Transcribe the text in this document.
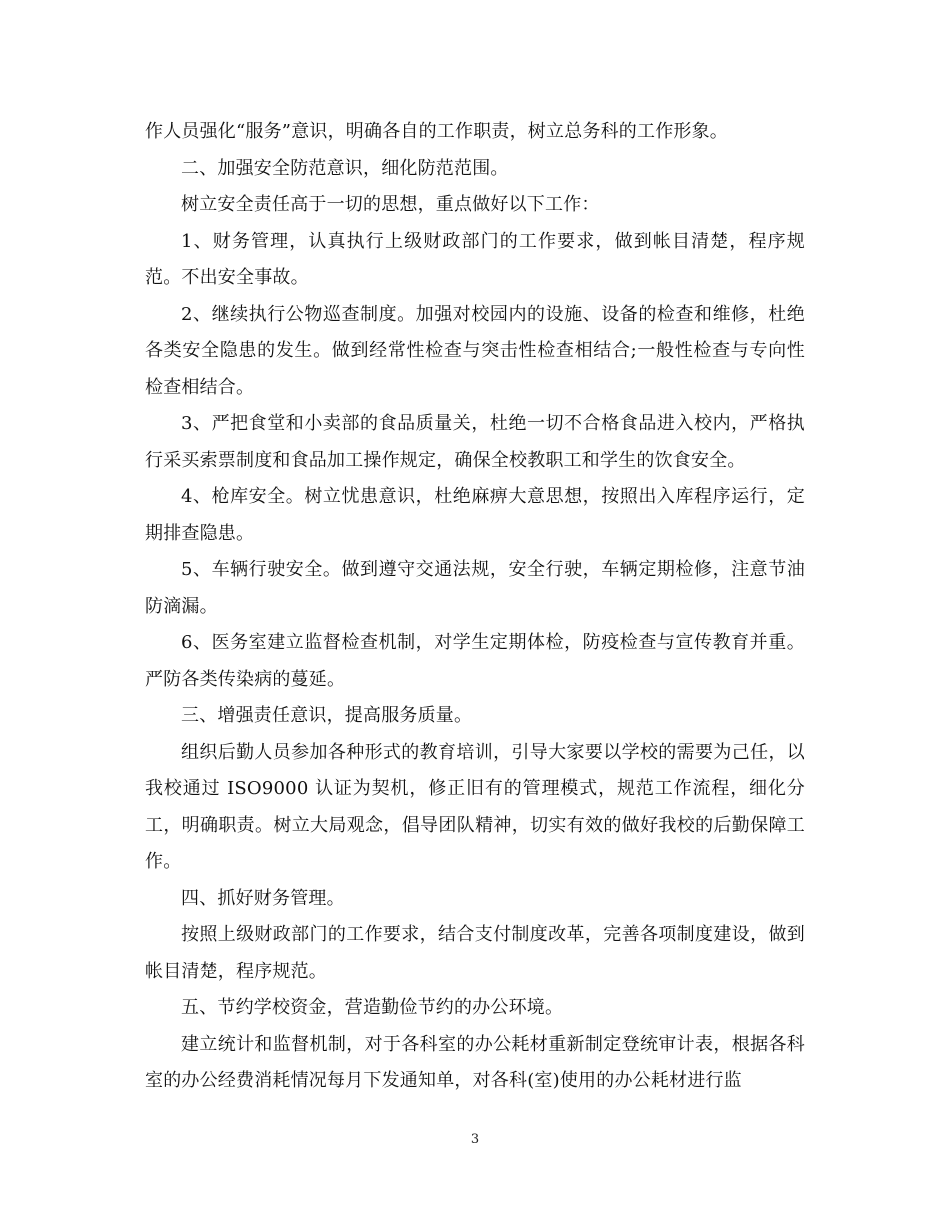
作人员强化“服务”意识，明确各自的工作职责，树立总务科的工作形象。

二、加强安全防范意识，细化防范范围。

树立安全责任高于一切的思想，重点做好以下工作：

1、财务管理，认真执行上级财政部门的工作要求，做到帐目清楚，程序规范。不出安全事故。

2、继续执行公物巡查制度。加强对校园内的设施、设备的检查和维修，杜绝各类安全隐患的发生。做到经常性检查与突击性检查相结合;一般性检查与专向性检查相结合。

3、严把食堂和小卖部的食品质量关，杜绝一切不合格食品进入校内，严格执行采买索票制度和食品加工操作规定，确保全校教职工和学生的饮食安全。

4、枪库安全。树立忧患意识，杜绝麻痹大意思想，按照出入库程序运行，定期排查隐患。

5、车辆行驶安全。做到遵守交通法规，安全行驶，车辆定期检修，注意节油防滴漏。

6、医务室建立监督检查机制，对学生定期体检，防疫检查与宣传教育并重。严防各类传染病的蔓延。

三、增强责任意识，提高服务质量。

组织后勤人员参加各种形式的教育培训，引导大家要以学校的需要为己任，以我校通过 ISO9000 认证为契机，修正旧有的管理模式，规范工作流程，细化分工，明确职责。树立大局观念，倡导团队精神，切实有效的做好我校的后勤保障工作。

四、抓好财务管理。

按照上级财政部门的工作要求，结合支付制度改革，完善各项制度建设，做到帐目清楚，程序规范。

五、节约学校资金，营造勤俭节约的办公环境。

建立统计和监督机制，对于各科室的办公耗材重新制定登统审计表，根据各科室的办公经费消耗情况每月下发通知单，对各科(室)使用的办公耗材进行监

3
